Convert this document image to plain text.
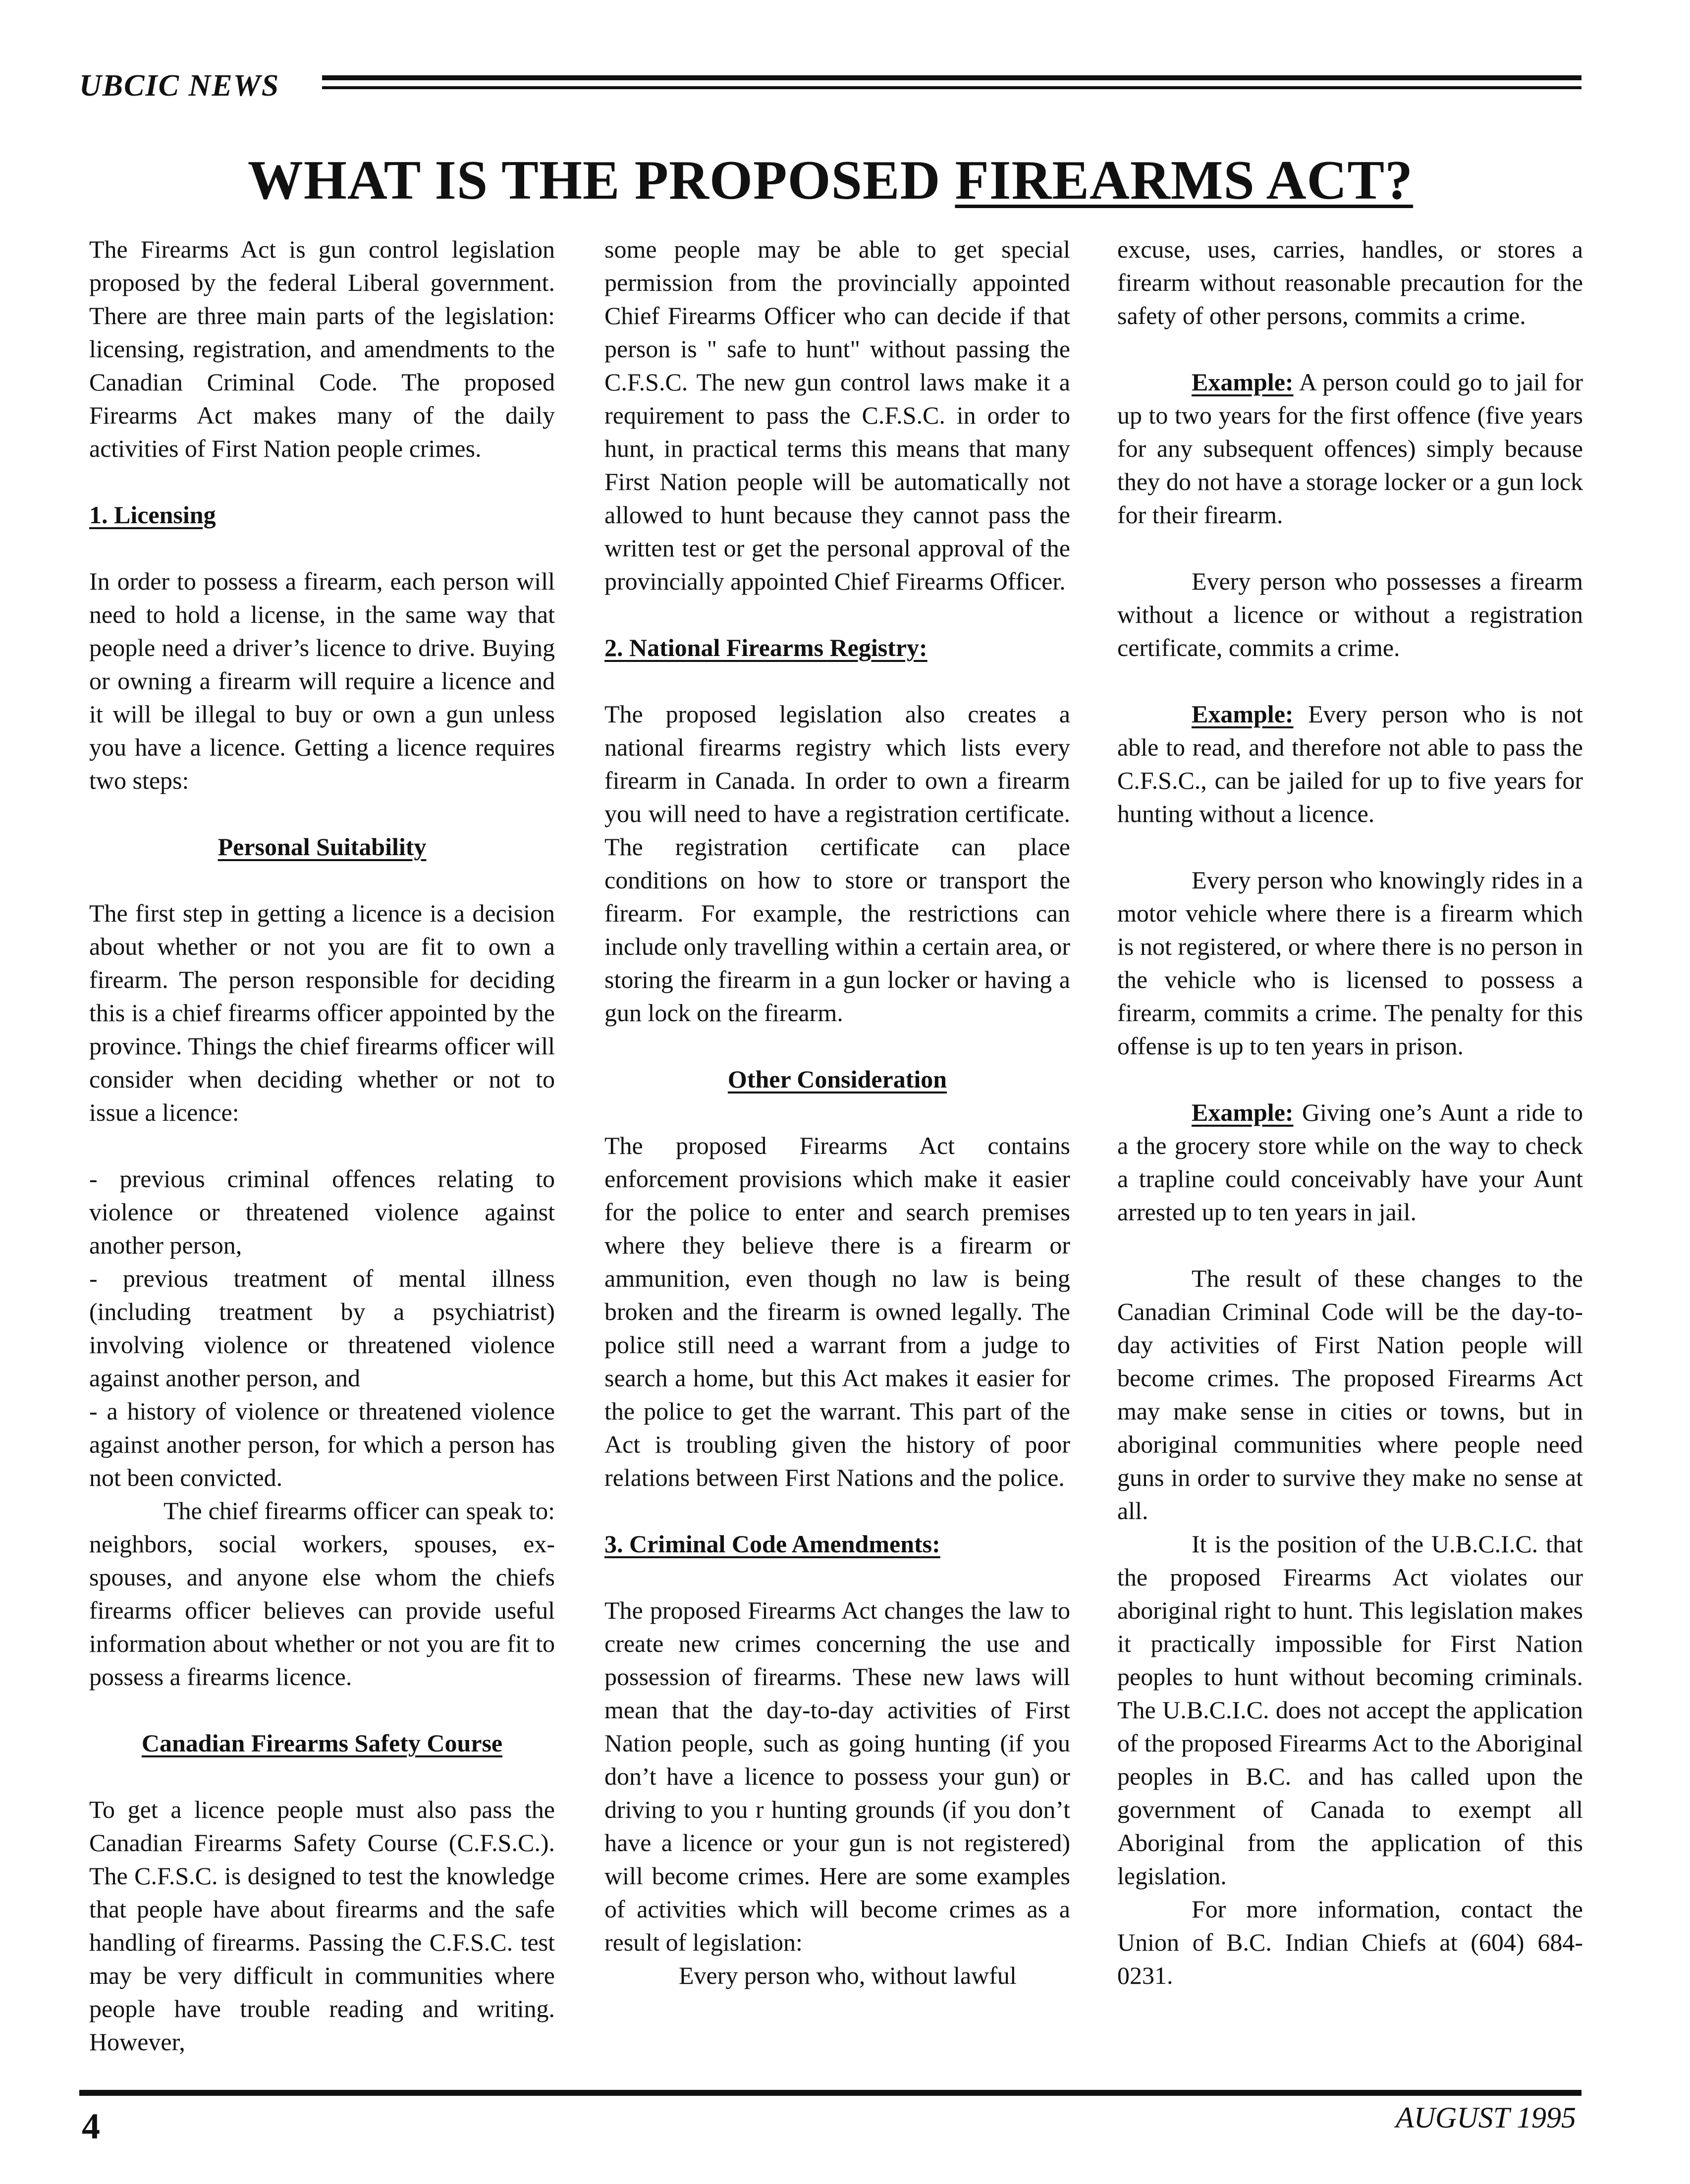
UBCIC NEWS
WHAT IS THE PROPOSED FIREARMS ACT?

The Firearms Act is gun control legislation proposed by the federal Liberal government. There are three main parts of the legislation: licensing, registration, and amendments to the Canadian Criminal Code. The proposed Firearms Act makes many of the daily activities of First Nation people crimes.

1. Licensing

In order to possess a firearm, each person will need to hold a license, in the same way that people need a driver’s licence to drive. Buying or owning a firearm will require a licence and it will be illegal to buy or own a gun unless you have a licence. Getting a licence requires two steps:

Personal Suitability

The first step in getting a licence is a decision about whether or not you are fit to own a firearm. The person responsible for deciding this is a chief firearms officer appointed by the province. Things the chief firearms officer will consider when deciding whether or not to issue a licence:

- previous criminal offences relating to violence or threatened violence against another person,

- previous treatment of mental illness (including treatment by a psychiatrist) involving violence or threatened violence against another person, and

- a history of violence or threatened violence against another person, for which a person has not been convicted.

The chief firearms officer can speak to: neighbors, social workers, spouses, ex-spouses, and anyone else whom the chiefs firearms officer believes can provide useful information about whether or not you are fit to possess a firearms licence.

Canadian Firearms Safety Course

To get a licence people must also pass the Canadian Firearms Safety Course (C.F.S.C.). The C.F.S.C. is designed to test the knowledge that people have about firearms and the safe handling of firearms. Passing the C.F.S.C. test may be very difficult in communities where people have trouble reading and writing. However,

some people may be able to get special permission from the provincially appointed Chief Firearms Officer who can decide if that person is " safe to hunt" without passing the C.F.S.C. The new gun control laws make it a requirement to pass the C.F.S.C. in order to hunt, in practical terms this means that many First Nation people will be automatically not allowed to hunt because they cannot pass the written test or get the personal approval of the provincially appointed Chief Firearms Officer.

2. National Firearms Registry:

The proposed legislation also creates a national firearms registry which lists every firearm in Canada. In order to own a firearm you will need to have a registration certificate. The registration certificate can place conditions on how to store or transport the firearm. For example, the restrictions can include only travelling within a certain area, or storing the firearm in a gun locker or having a gun lock on the firearm.

Other Consideration

The proposed Firearms Act contains enforcement provisions which make it easier for the police to enter and search premises where they believe there is a firearm or ammunition, even though no law is being broken and the firearm is owned legally. The police still need a warrant from a judge to search a home, but this Act makes it easier for the police to get the warrant. This part of the Act is troubling given the history of poor relations between First Nations and the police.

3. Criminal Code Amendments:

The proposed Firearms Act changes the law to create new crimes concerning the use and possession of firearms. These new laws will mean that the day-to-day activities of First Nation people, such as going hunting (if you don’t have a licence to possess your gun) or driving to you r hunting grounds (if you don’t have a licence or your gun is not registered) will become crimes. Here are some examples of activities which will become crimes as a result of legislation:

Every person who, without lawful

excuse, uses, carries, handles, or stores a firearm without reasonable precaution for the safety of other persons, commits a crime.

Example: A person could go to jail for up to two years for the first offence (five years for any subsequent offences) simply because they do not have a storage locker or a gun lock for their firearm.

Every person who possesses a firearm without a licence or without a registration certificate, commits a crime.

Example: Every person who is not able to read, and therefore not able to pass the C.F.S.C., can be jailed for up to five years for hunting without a licence.

Every person who knowingly rides in a motor vehicle where there is a firearm which is not registered, or where there is no person in the vehicle who is licensed to possess a firearm, commits a crime. The penalty for this offense is up to ten years in prison.

Example: Giving one’s Aunt a ride to a the grocery store while on the way to check a trapline could conceivably have your Aunt arrested up to ten years in jail.

The result of these changes to the Canadian Criminal Code will be the day-to-day activities of First Nation people will become crimes. The proposed Firearms Act may make sense in cities or towns, but in aboriginal communities where people need guns in order to survive they make no sense at all.

It is the position of the U.B.C.I.C. that the proposed Firearms Act violates our aboriginal right to hunt. This legislation makes it practically impossible for First Nation peoples to hunt without becoming criminals. The U.B.C.I.C. does not accept the application of the proposed Firearms Act to the Aboriginal peoples in B.C. and has called upon the government of Canada to exempt all Aboriginal from the application of this legislation.

For more information, contact the Union of B.C. Indian Chiefs at (604) 684-0231.

4	AUGUST 1995
